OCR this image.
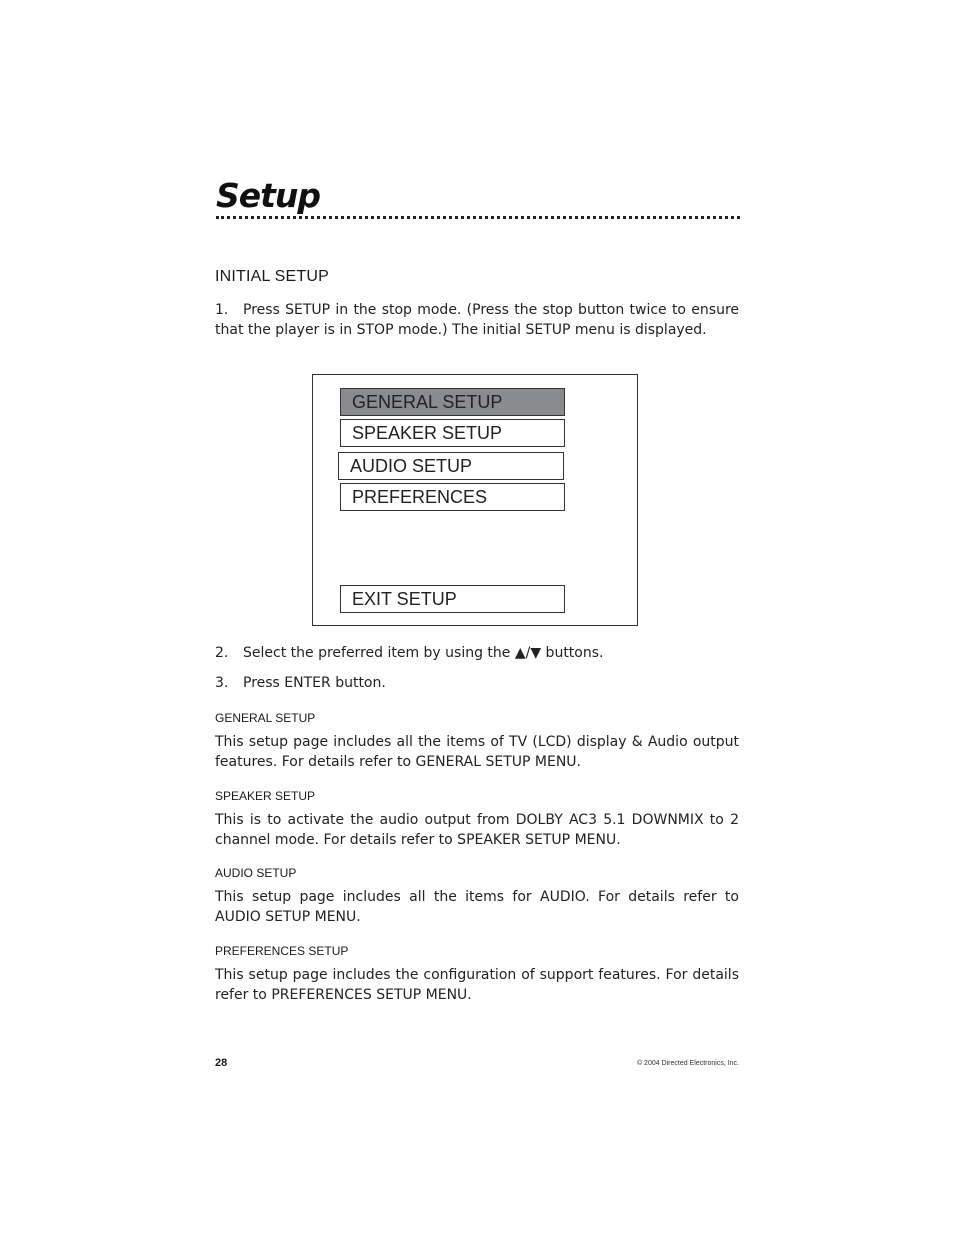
Setup
INITIAL SETUP
1. Press SETUP in the stop mode. (Press the stop button twice to ensure that the player is in STOP mode.) The initial SETUP menu is displayed.
GENERAL SETUP
SPEAKER SETUP
AUDIO SETUP
PREFERENCES
EXIT SETUP
2. Select the preferred item by using the ▲/▼ buttons.
3. Press ENTER button.
GENERAL SETUP
This setup page includes all the items of TV (LCD) display & Audio output features. For details refer to GENERAL SETUP MENU.
SPEAKER SETUP
This is to activate the audio output from DOLBY AC3 5.1 DOWNMIX to 2 channel mode. For details refer to SPEAKER SETUP MENU.
AUDIO SETUP
This setup page includes all the items for AUDIO. For details refer to AUDIO SETUP MENU.
PREFERENCES SETUP
This setup page includes the configuration of support features. For details refer to PREFERENCES SETUP MENU.
28	© 2004 Directed Electronics, Inc.
